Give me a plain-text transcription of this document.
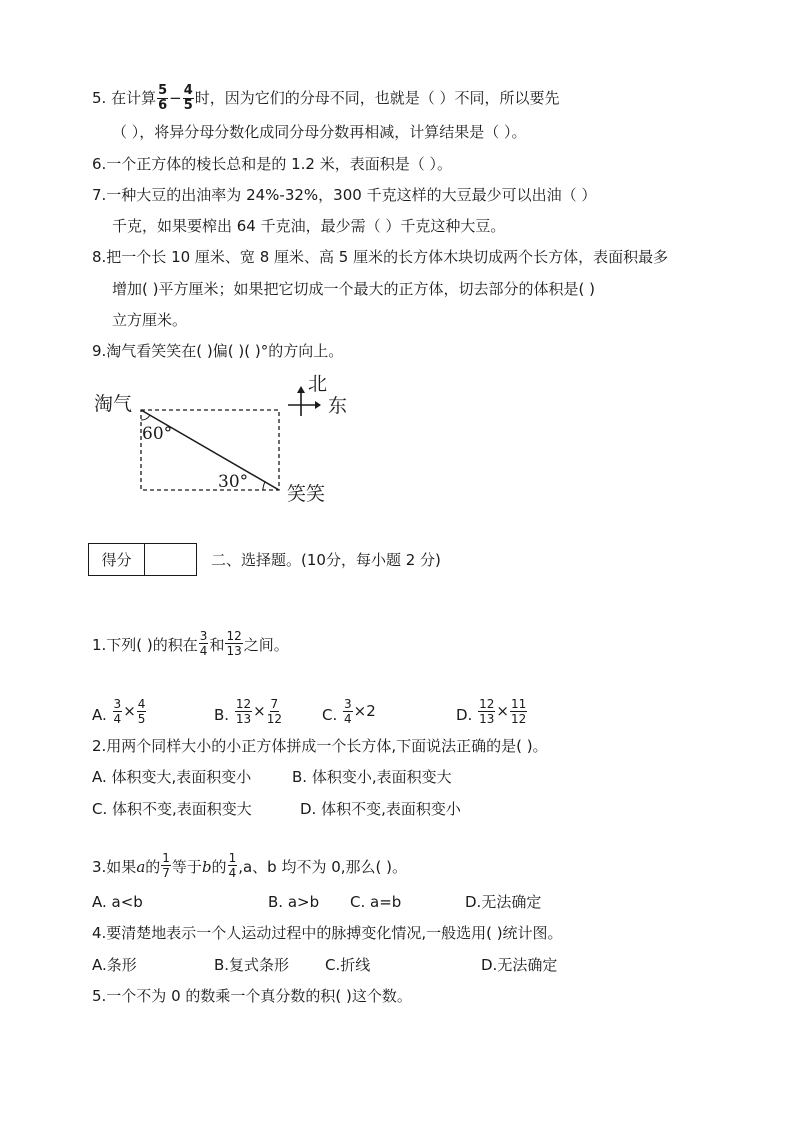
5. 在计算 $\frac{5}{6} - \frac{4}{5}$ 时，因为它们的分母不同，也就是（ ）不同，所以要先
（ ），将异分母分数化成同分母分数再相减，计算结果是（ ）。
6.一个正方体的棱长总和是的 1.2 米，表面积是（ ）。
7.一种大豆的出油率为 24%-32%，300 千克这样的大豆最少可以出油（ ）
千克，如果要榨出 64 千克油，最少需（ ）千克这种大豆。
8.把一个长 10 厘米、宽 8 厘米、高 5 厘米的长方体木块切成两个长方体，表面积最多
增加( )平方厘米；如果把它切成一个最大的正方体，切去部分的体积是( )
立方厘米。
9.淘气看笑笑在( )偏( )( )°的方向上。
淘气
60°
30°
笑笑
北
东
得分	二、选择题。(10分，每小题 2 分)
1.下列( )的积在 $\frac{3}{4}$ 和 $\frac{12}{13}$ 之间。
A. $\frac{3}{4} \times \frac{4}{5}$	B. $\frac{12}{13} \times \frac{7}{12}$	C. $\frac{3}{4} \times 2$	D. $\frac{12}{13} \times \frac{11}{12}$
2.用两个同样大小的小正方体拼成一个长方体,下面说法正确的是( )。
A. 体积变大,表面积变小	B. 体积变小,表面积变大
C. 体积不变,表面积变大	D. 体积不变,表面积变小
3.如果a的 $\frac{1}{7}$ 等于b的 $\frac{1}{4} ,a$、b 均不为 0,那么( )。
A. a<b	B. a>b C. a=b	D.无法确定
4.要清楚地表示一个人运动过程中的脉搏变化情况,一般选用( )统计图。
A.条形	B.复式条形 C.折线	D.无法确定
5.一个不为 0 的数乘一个真分数的积( )这个数。
